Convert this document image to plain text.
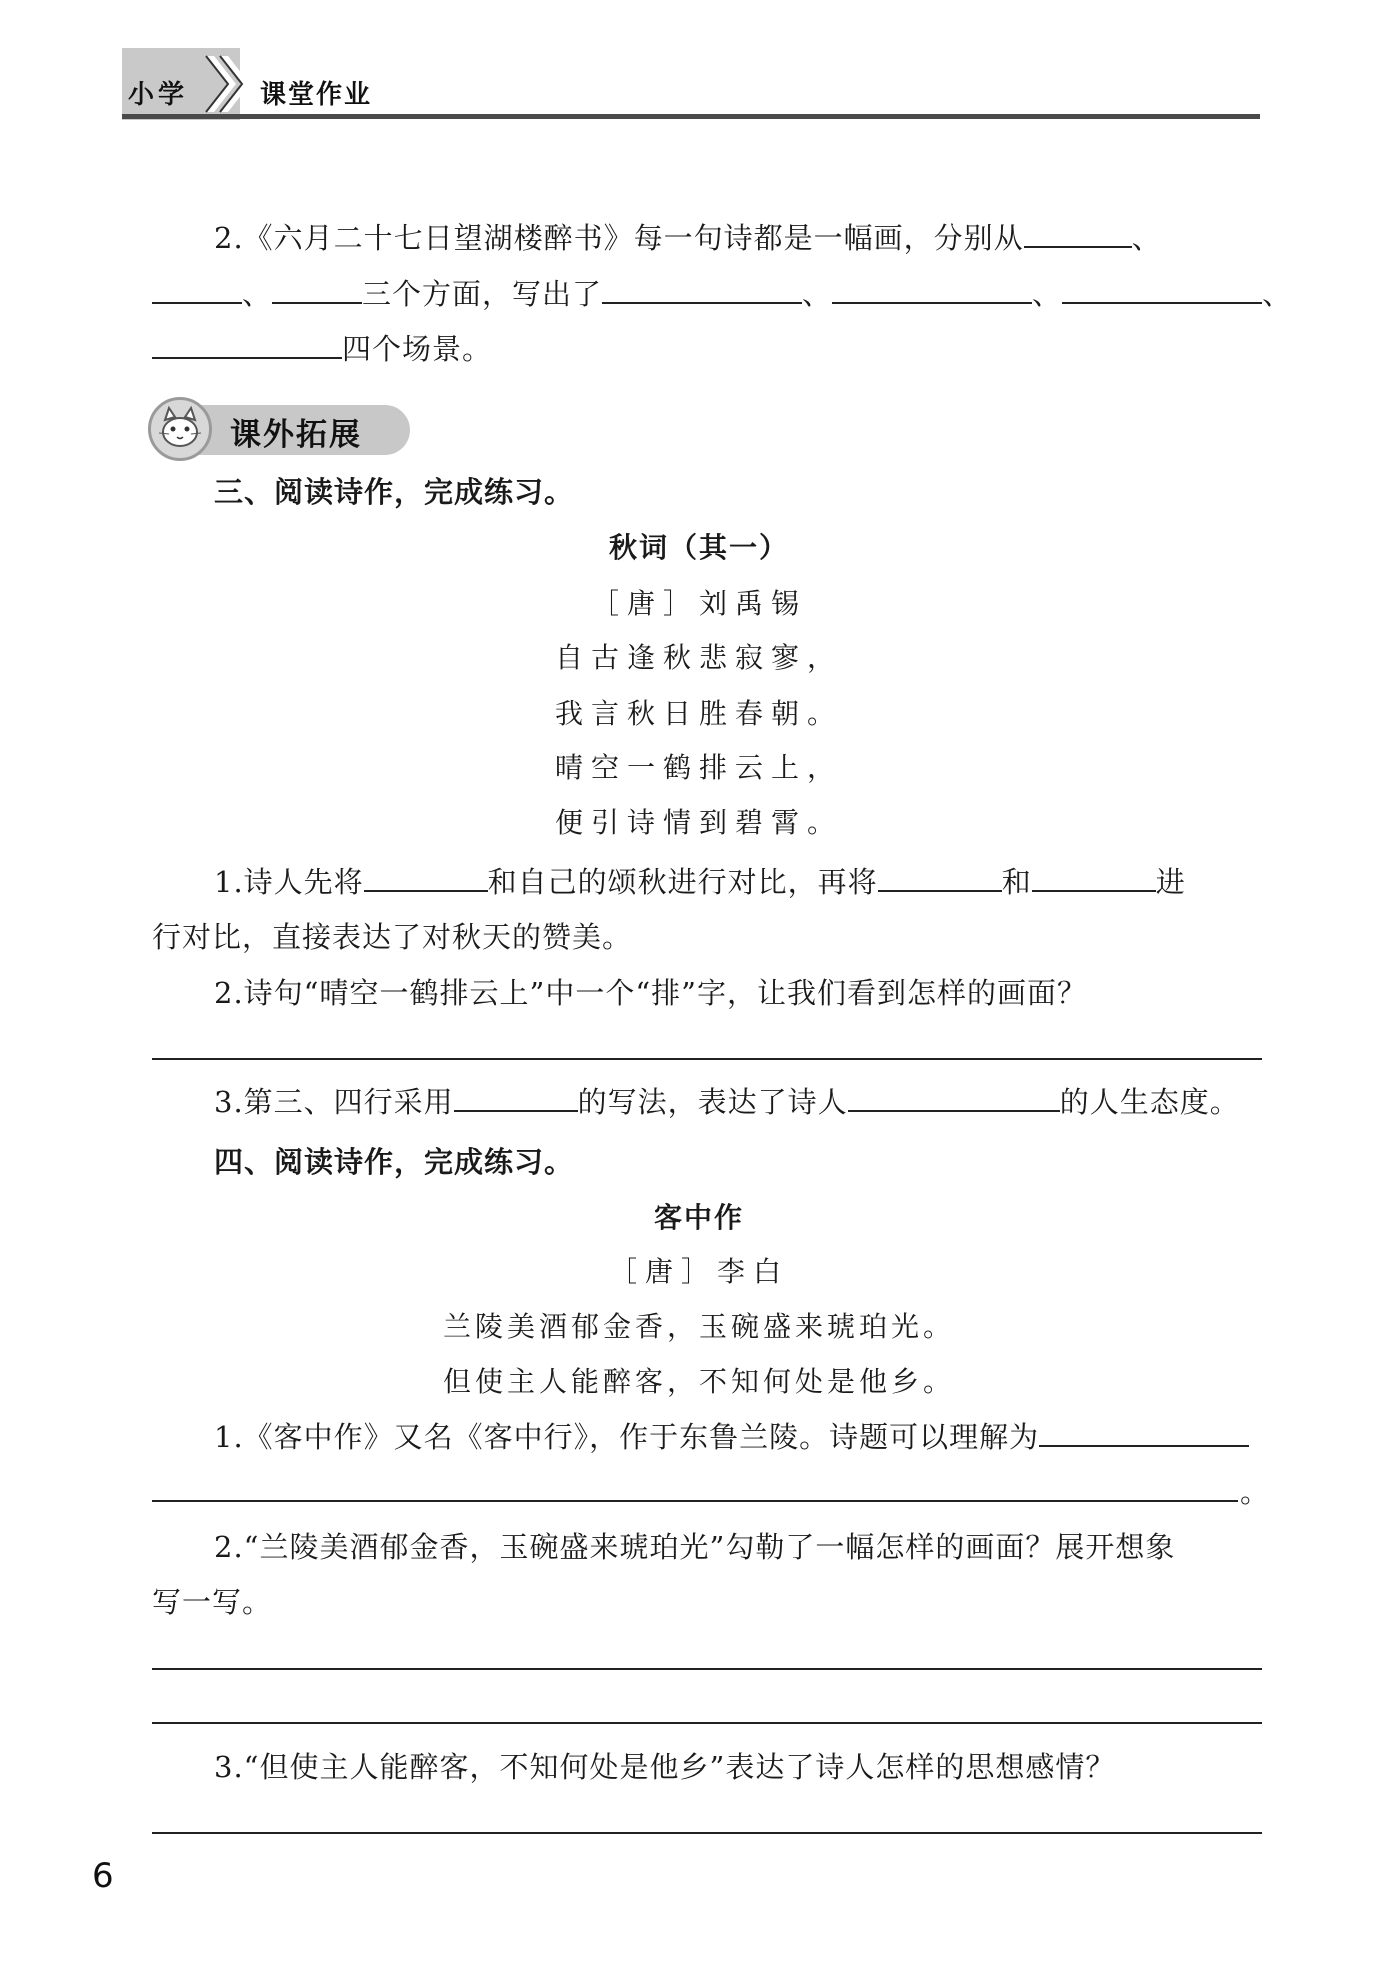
小学	课堂作业
2.《六月二十七日望湖楼醉书》每一句诗都是一幅画，分别从	、
、	三个方面，写出了	、	、	、
四个场景。
课外拓展
三、阅读诗作，完成练习。
秋词（其一）
［唐］刘禹锡
自古逢秋悲寂寥，
我言秋日胜春朝。
晴空一鹤排云上，
便引诗情到碧霄。
1.诗人先将	和自己的颂秋进行对比，再将	和	进
行对比，直接表达了对秋天的赞美。
2.诗句“晴空一鹤排云上”中一个“排”字，让我们看到怎样的画面？
3.第三、四行采用	的写法，表达了诗人	的人生态度。
四、阅读诗作，完成练习。
客中作
［唐］李白
兰陵美酒郁金香，玉碗盛来琥珀光。
但使主人能醉客，不知何处是他乡。
1.《客中作》又名《客中行》，作于东鲁兰陵。诗题可以理解为
。
2.“兰陵美酒郁金香，玉碗盛来琥珀光”勾勒了一幅怎样的画面？展开想象
写一写。
3.“但使主人能醉客，不知何处是他乡”表达了诗人怎样的思想感情？
6
